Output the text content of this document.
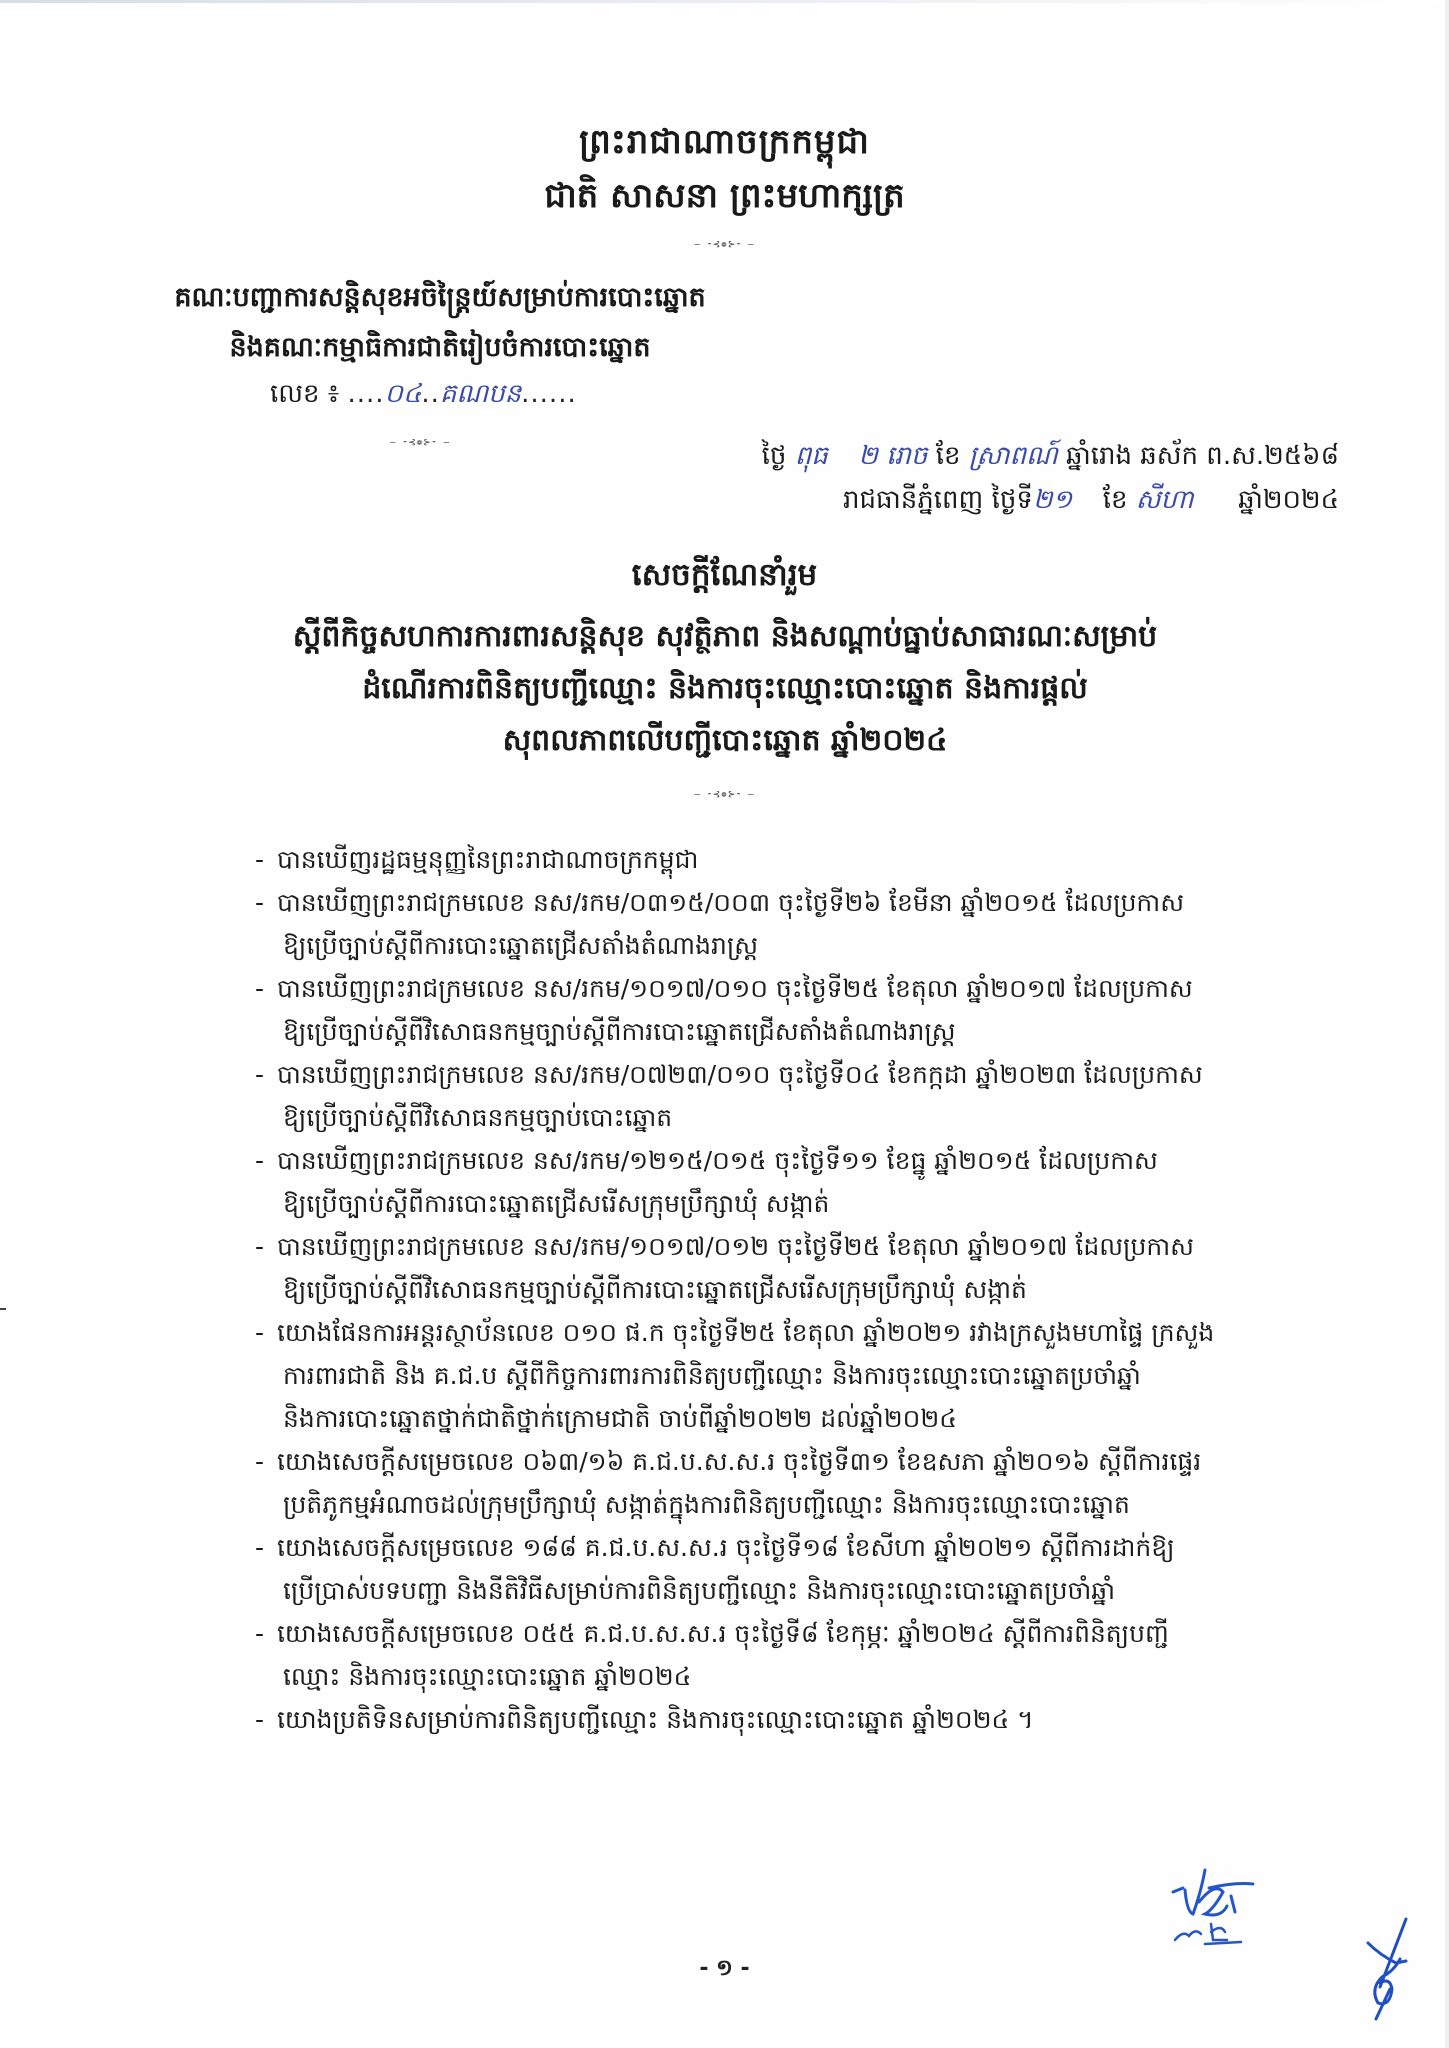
ព្រះរាជាណាចក្រកម្ពុជា
ជាតិ សាសនា ព្រះមហាក្សត្រ
— ⁃⊰❁⊱⁃ —
គណៈបញ្ជាការសន្តិសុខអចិន្ត្រៃយ៍សម្រាប់ការបោះឆ្នោត
និងគណៈកម្មាធិការជាតិរៀបចំការបោះឆ្នោត
លេខ ៖ ....០៤..គណបន......
— ⁃⊰❁⊱⁃ —	ថ្ងៃ ពុធ ២ រោច ខែ ស្រាពណ៍ ឆ្នាំរោង ឆស័ក ព.ស.២៥៦៨
រាជធានីភ្នំពេញ ថ្ងៃទី២១ ខែ សីហា ឆ្នាំ២០២៤
សេចក្ដីណែនាំរួម
ស្ដីពីកិច្ចសហការការពារសន្តិសុខ សុវត្ថិភាព និងសណ្ដាប់ធ្នាប់សាធារណៈសម្រាប់
ដំណើរការពិនិត្យបញ្ជីឈ្មោះ និងការចុះឈ្មោះបោះឆ្នោត និងការផ្ដល់
សុពលភាពលើបញ្ជីបោះឆ្នោត ឆ្នាំ២០២៤
— ⁃⊰❁⊱⁃ —
- បានឃើញរដ្ឋធម្មនុញ្ញនៃព្រះរាជាណាចក្រកម្ពុជា
- បានឃើញព្រះរាជក្រមលេខ នស/រកម/០៣១៥/០០៣ ចុះថ្ងៃទី២៦ ខែមីនា ឆ្នាំ២០១៥ ដែលប្រកាស
ឱ្យប្រើច្បាប់ស្ដីពីការបោះឆ្នោតជ្រើសតាំងតំណាងរាស្ត្រ
- បានឃើញព្រះរាជក្រមលេខ នស/រកម/១០១៧/០១០ ចុះថ្ងៃទី២៥ ខែតុលា ឆ្នាំ២០១៧ ដែលប្រកាស
ឱ្យប្រើច្បាប់ស្ដីពីវិសោធនកម្មច្បាប់ស្ដីពីការបោះឆ្នោតជ្រើសតាំងតំណាងរាស្ត្រ
- បានឃើញព្រះរាជក្រមលេខ នស/រកម/០៧២៣/០១០ ចុះថ្ងៃទី០៤ ខែកក្កដា ឆ្នាំ២០២៣ ដែលប្រកាស
ឱ្យប្រើច្បាប់ស្ដីពីវិសោធនកម្មច្បាប់បោះឆ្នោត
- បានឃើញព្រះរាជក្រមលេខ នស/រកម/១២១៥/០១៥ ចុះថ្ងៃទី១១ ខែធ្នូ ឆ្នាំ២០១៥ ដែលប្រកាស
ឱ្យប្រើច្បាប់ស្ដីពីការបោះឆ្នោតជ្រើសរើសក្រុមប្រឹក្សាឃុំ សង្កាត់
- បានឃើញព្រះរាជក្រមលេខ នស/រកម/១០១៧/០១២ ចុះថ្ងៃទី២៥ ខែតុលា ឆ្នាំ២០១៧ ដែលប្រកាស
ឱ្យប្រើច្បាប់ស្ដីពីវិសោធនកម្មច្បាប់ស្ដីពីការបោះឆ្នោតជ្រើសរើសក្រុមប្រឹក្សាឃុំ សង្កាត់
- យោងផែនការអន្តរស្ថាប័នលេខ ០១០ ផ.ក ចុះថ្ងៃទី២៥ ខែតុលា ឆ្នាំ២០២១ រវាងក្រសួងមហាផ្ទៃ ក្រសួង
ការពារជាតិ និង គ.ជ.ប ស្ដីពីកិច្ចការពារការពិនិត្យបញ្ជីឈ្មោះ និងការចុះឈ្មោះបោះឆ្នោតប្រចាំឆ្នាំ
និងការបោះឆ្នោតថ្នាក់ជាតិថ្នាក់ក្រោមជាតិ ចាប់ពីឆ្នាំ២០២២ ដល់ឆ្នាំ២០២៤
- យោងសេចក្ដីសម្រេចលេខ ០៦៣/១៦ គ.ជ.ប.ស.ស.រ ចុះថ្ងៃទី៣១ ខែឧសភា ឆ្នាំ២០១៦ ស្ដីពីការផ្ទេរ
ប្រតិភូកម្មអំណាចដល់ក្រុមប្រឹក្សាឃុំ សង្កាត់ក្នុងការពិនិត្យបញ្ជីឈ្មោះ និងការចុះឈ្មោះបោះឆ្នោត
- យោងសេចក្ដីសម្រេចលេខ ១៨៨ គ.ជ.ប.ស.ស.រ ចុះថ្ងៃទី១៨ ខែសីហា ឆ្នាំ២០២១ ស្ដីពីការដាក់ឱ្យ
ប្រើប្រាស់បទបញ្ជា និងនីតិវិធីសម្រាប់ការពិនិត្យបញ្ជីឈ្មោះ និងការចុះឈ្មោះបោះឆ្នោតប្រចាំឆ្នាំ
- យោងសេចក្ដីសម្រេចលេខ ០៥៥ គ.ជ.ប.ស.ស.រ ចុះថ្ងៃទី៨ ខែកុម្ភៈ ឆ្នាំ២០២៤ ស្ដីពីការពិនិត្យបញ្ជី
ឈ្មោះ និងការចុះឈ្មោះបោះឆ្នោត ឆ្នាំ២០២៤
- យោងប្រតិទិនសម្រាប់ការពិនិត្យបញ្ជីឈ្មោះ និងការចុះឈ្មោះបោះឆ្នោត ឆ្នាំ២០២៤ ។
- ១ -
